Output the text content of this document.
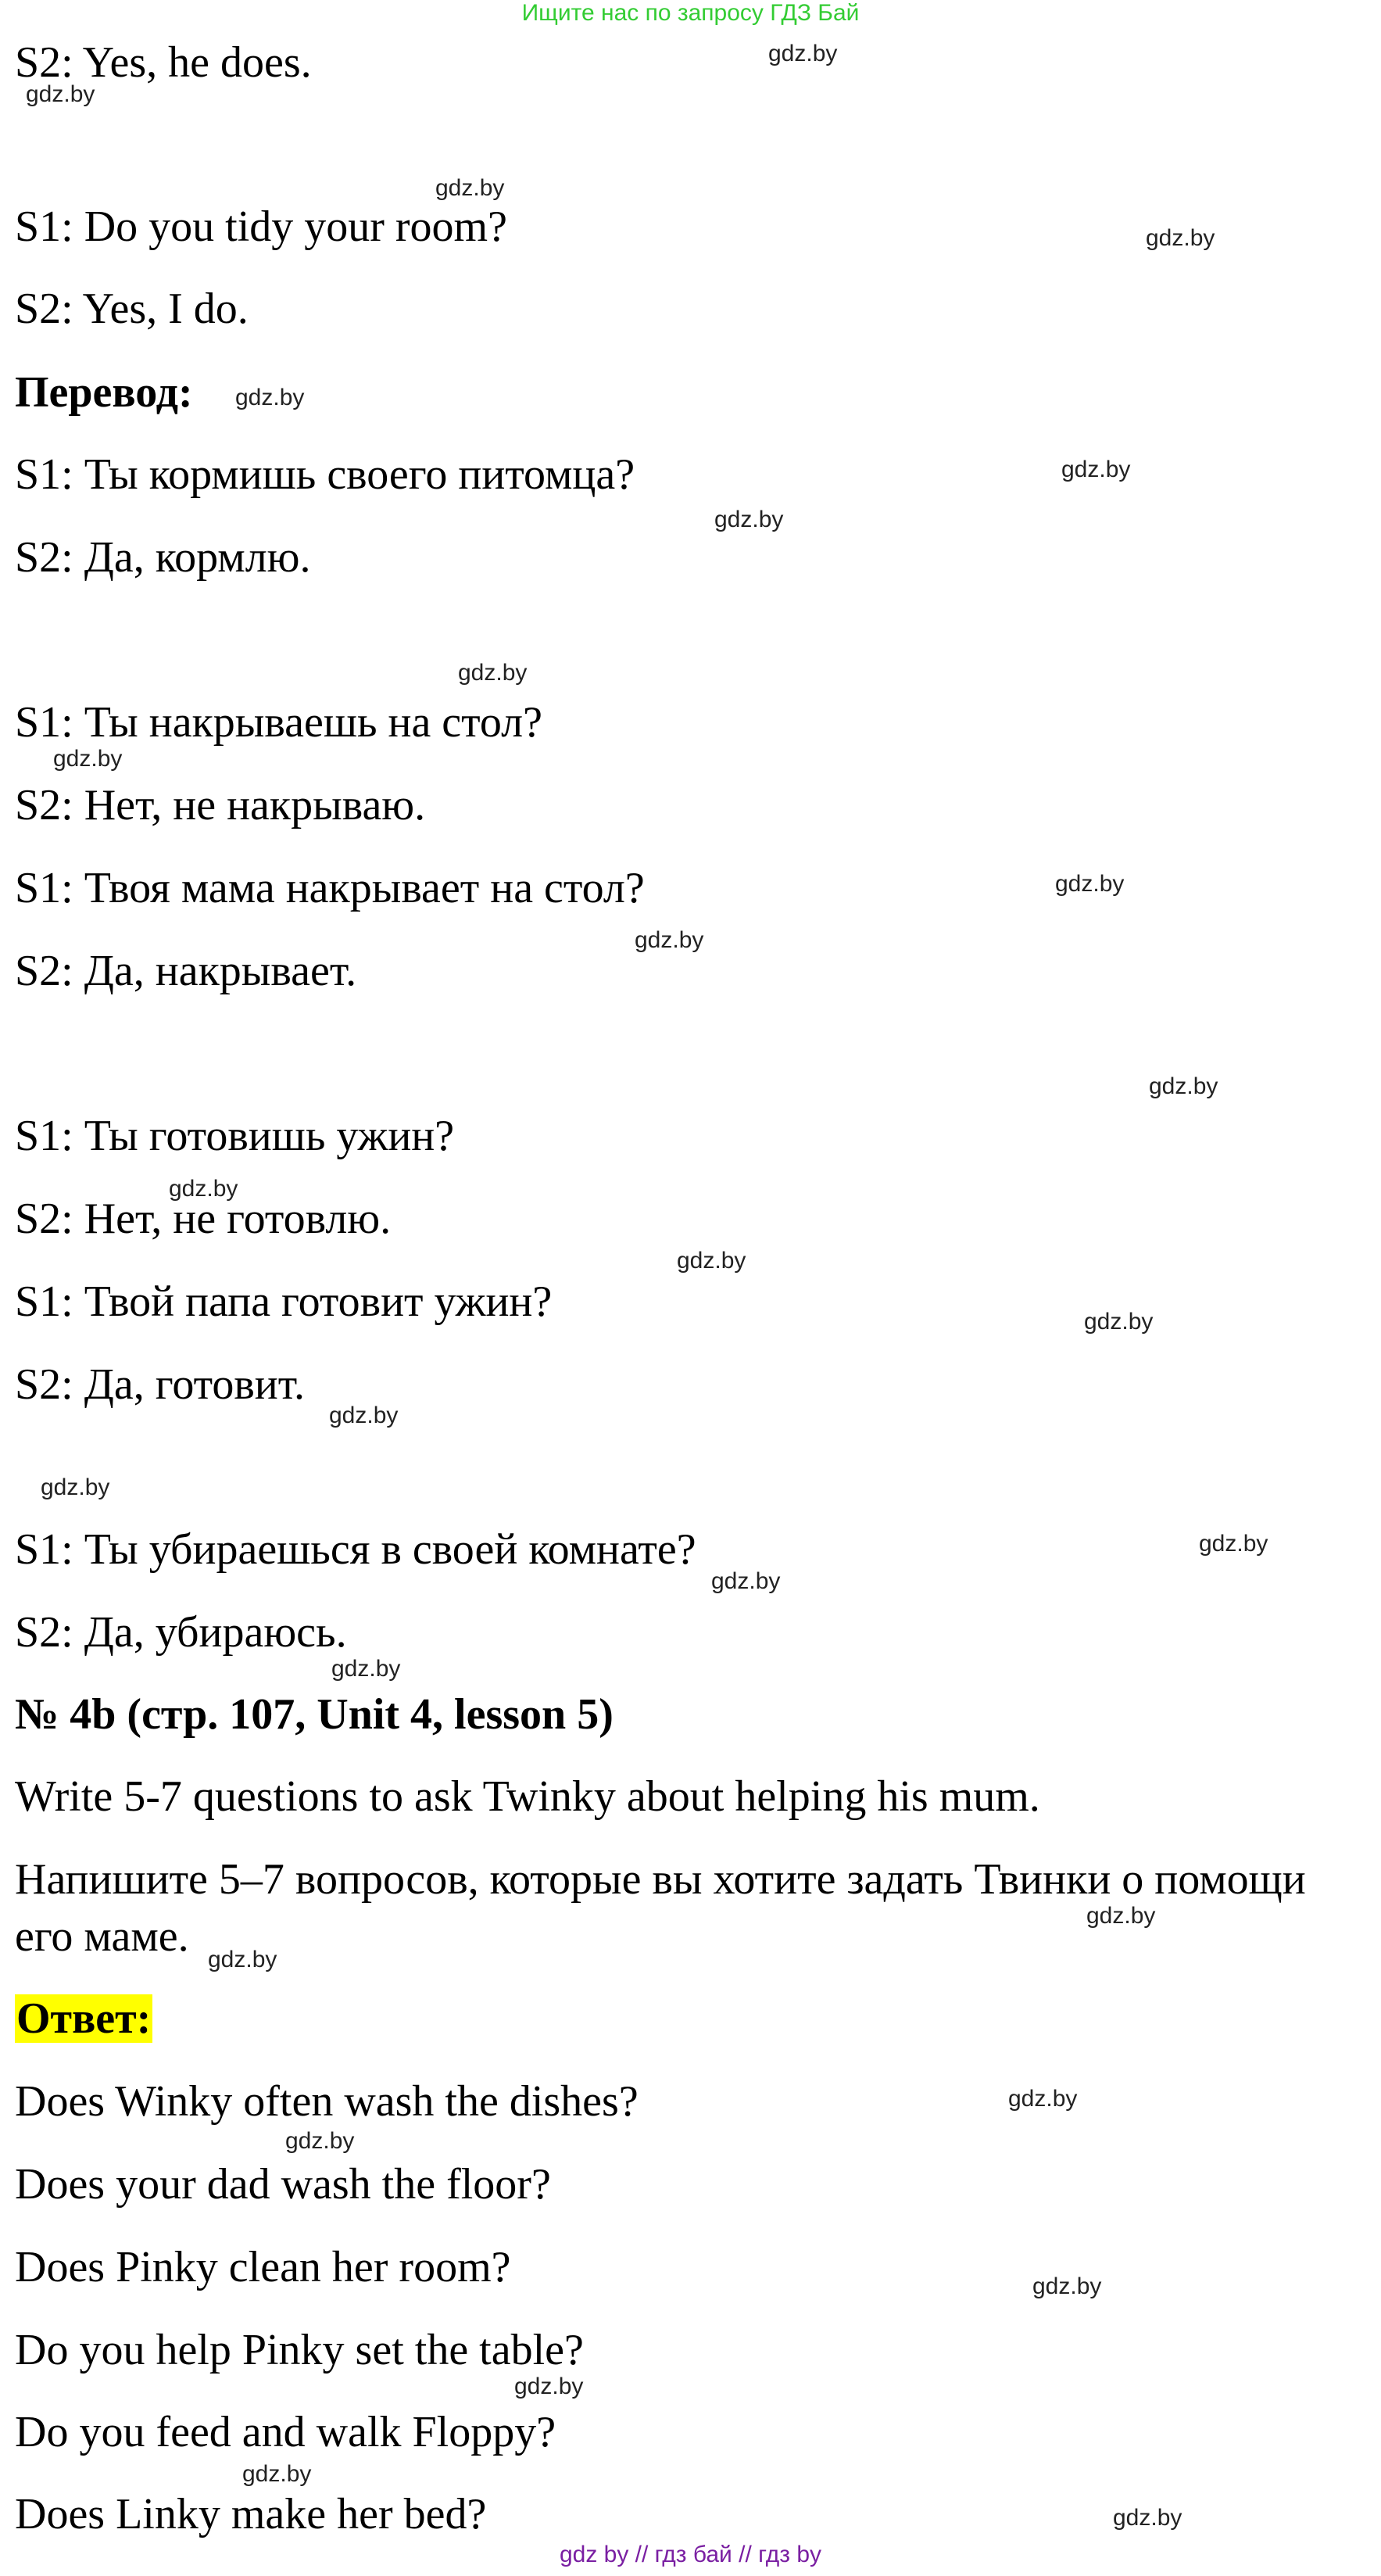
Ищите нас по запросу ГДЗ Бай
S2: Yes, he does.
S1: Do you tidy your room?
S2: Yes, I do.
Перевод:
S1: Ты кормишь своего питомца?
S2: Да, кормлю.
S1: Ты накрываешь на стол?
S2: Нет, не накрываю.
S1: Твоя мама накрывает на стол?
S2: Да, накрывает.
S1: Ты готовишь ужин?
S2: Нет, не готовлю.
S1: Твой папа готовит ужин?
S2: Да, готовит.
S1: Ты убираешься в своей комнате?
S2: Да, убираюсь.
№ 4b (стр. 107, Unit 4, lesson 5)
Write 5-7 questions to ask Twinky about helping his mum.
Напишите 5–7 вопросов, которые вы хотите задать Твинки о помощи
его маме.
Ответ:
Does Winky often wash the dishes?
Does your dad wash the floor?
Does Pinky clean her room?
Do you help Pinky set the table?
Do you feed and walk Floppy?
Does Linky make her bed?
gdz.by
gdz.by
gdz.by
gdz.by
gdz.by
gdz.by
gdz.by
gdz.by
gdz.by
gdz.by
gdz.by
gdz.by
gdz.by
gdz.by
gdz.by
gdz.by
gdz.by
gdz.by
gdz.by
gdz.by
gdz.by
gdz.by
gdz.by
gdz.by
gdz.by
gdz.by
gdz.by
gdz.by
gdz by // гдз бай // гдз by
